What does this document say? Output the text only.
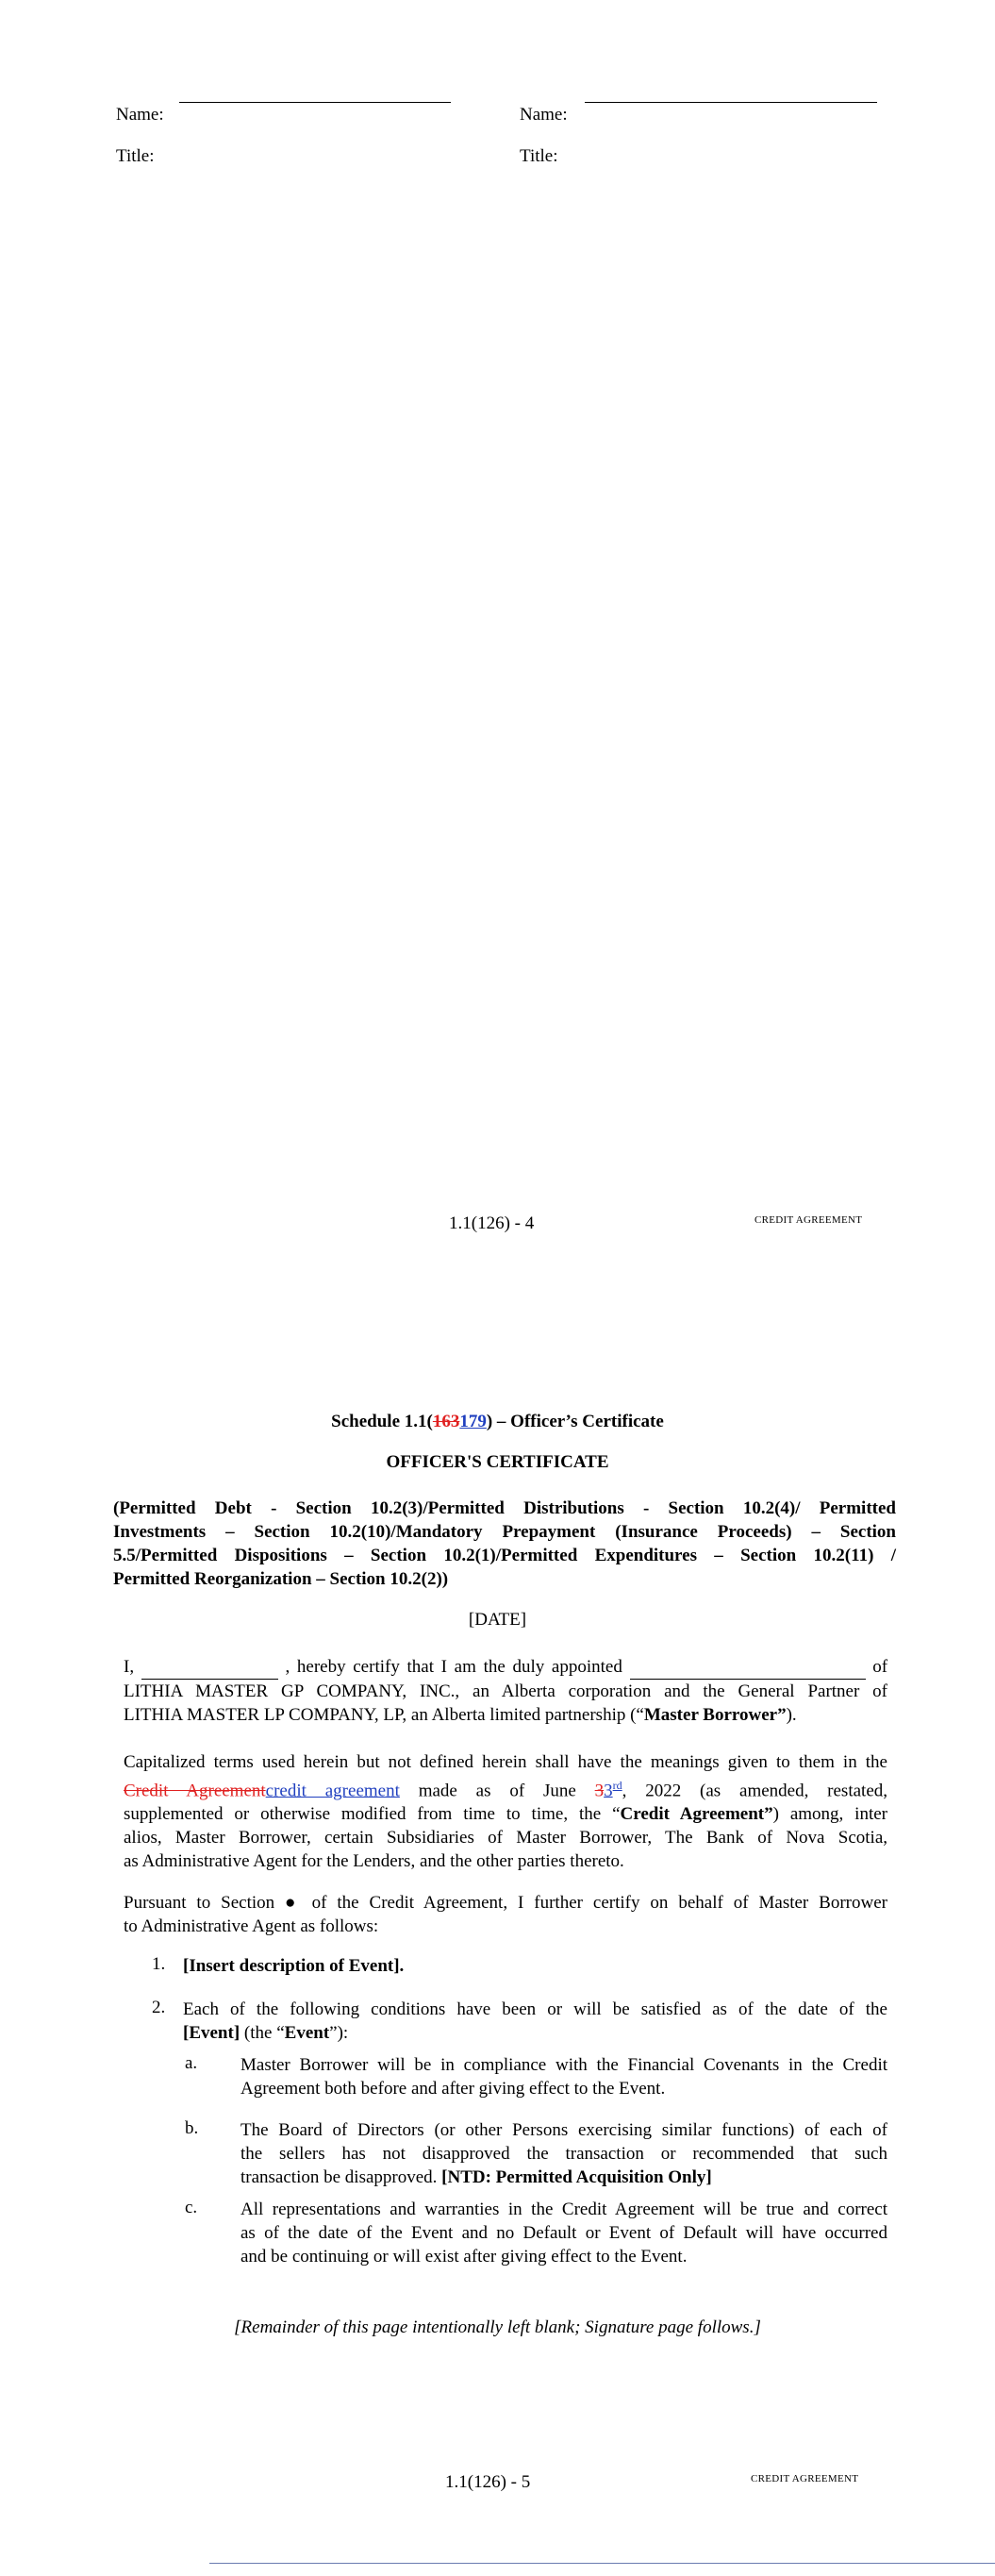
Name:	Name:
Title:	Title:
1.1(126) - 4	CREDIT AGREEMENT
Schedule 1.1(163179) – Officer’s Certificate
OFFICER'S CERTIFICATE
(Permitted Debt - Section 10.2(3)/Permitted Distributions - Section 10.2(4)/ Permitted
Investments – Section 10.2(10)/Mandatory Prepayment (Insurance Proceeds) – Section
5.5/Permitted Dispositions – Section 10.2(1)/Permitted Expenditures – Section 10.2(11) /
Permitted Reorganization – Section 10.2(2))
[DATE]
I,	, hereby certify that I am the duly appointed	of
LITHIA MASTER GP COMPANY, INC., an Alberta corporation and the General Partner of
LITHIA MASTER LP COMPANY, LP, an Alberta limited partnership (“Master Borrower”).
Capitalized terms used herein but not defined herein shall have the meanings given to them in the
Credit Agreementcredit agreement made as of June 33rd, 2022 (as amended, restated,
supplemented or otherwise modified from time to time, the “Credit Agreement”) among, inter
alios, Master Borrower, certain Subsidiaries of Master Borrower, The Bank of Nova Scotia,
as Administrative Agent for the Lenders, and the other parties thereto.
Pursuant to Section ● of the Credit Agreement, I further certify on behalf of Master Borrower
to Administrative Agent as follows:
1. [Insert description of Event].
2. Each of the following conditions have been or will be satisfied as of the date of the
[Event] (the “Event”):
a. Master Borrower will be in compliance with the Financial Covenants in the Credit
Agreement both before and after giving effect to the Event.
b. The Board of Directors (or other Persons exercising similar functions) of each of
the sellers has not disapproved the transaction or recommended that such
transaction be disapproved. [NTD: Permitted Acquisition Only]
c. All representations and warranties in the Credit Agreement will be true and correct
as of the date of the Event and no Default or Event of Default will have occurred
and be continuing or will exist after giving effect to the Event.
[Remainder of this page intentionally left blank; Signature page follows.]
1.1(126) - 5	CREDIT AGREEMENT
